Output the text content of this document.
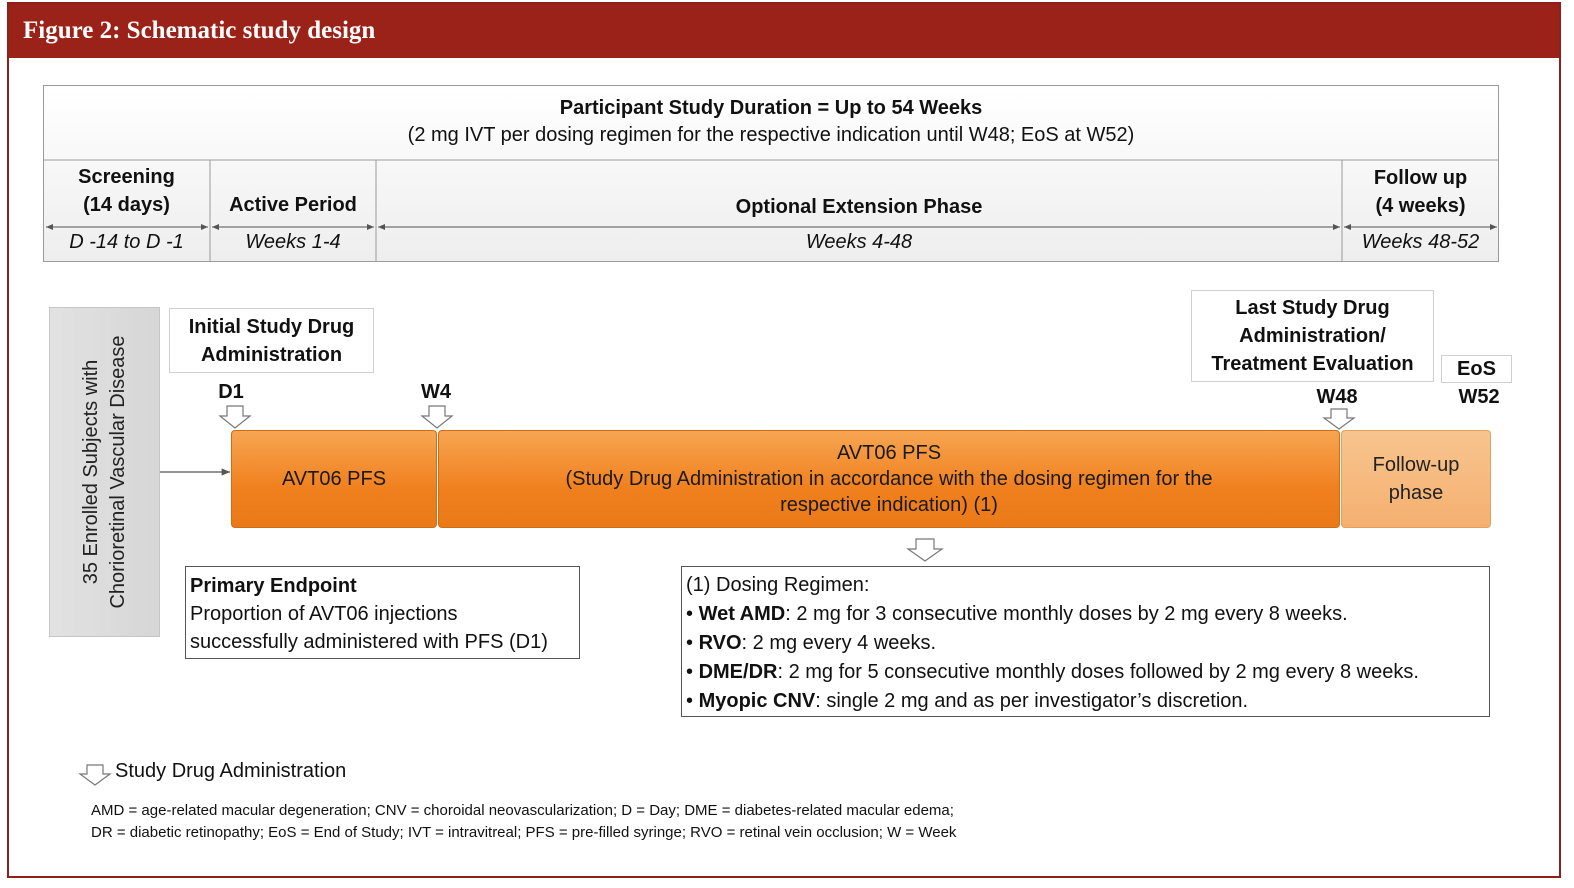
Figure 2: Schematic study design
Participant Study Duration = Up to 54 Weeks
(2 mg IVT per dosing regimen for the respective indication until W48; EoS at W52)
Screening
(14 days)
D -14 to D -1
Active Period
Weeks 1-4
Optional Extension Phase
Weeks 4-48
Follow up
(4 weeks)
Weeks 48-52
35 Enrolled Subjects with Chorioretinal Vascular Disease
Initial Study Drug
Administration
Last Study Drug
Administration/
Treatment Evaluation	EoS
D1	W4	W48	W52
AVT06 PFS
AVT06 PFS
(Study Drug Administration in accordance with the dosing regimen for the
respective indication) (1)
Follow-up
phase
Primary Endpoint
Proportion of AVT06 injections
successfully administered with PFS (D1)
(1) Dosing Regimen:
• Wet AMD: 2 mg for 3 consecutive monthly doses by 2 mg every 8 weeks.
• RVO: 2 mg every 4 weeks.
• DME/DR: 2 mg for 5 consecutive monthly doses followed by 2 mg every 8 weeks.
• Myopic CNV: single 2 mg and as per investigator’s discretion.
Study Drug Administration
AMD = age-related macular degeneration; CNV = choroidal neovascularization; D = Day; DME = diabetes-related macular edema;
DR = diabetic retinopathy; EoS = End of Study; IVT = intravitreal; PFS = pre-filled syringe; RVO = retinal vein occlusion; W = Week
